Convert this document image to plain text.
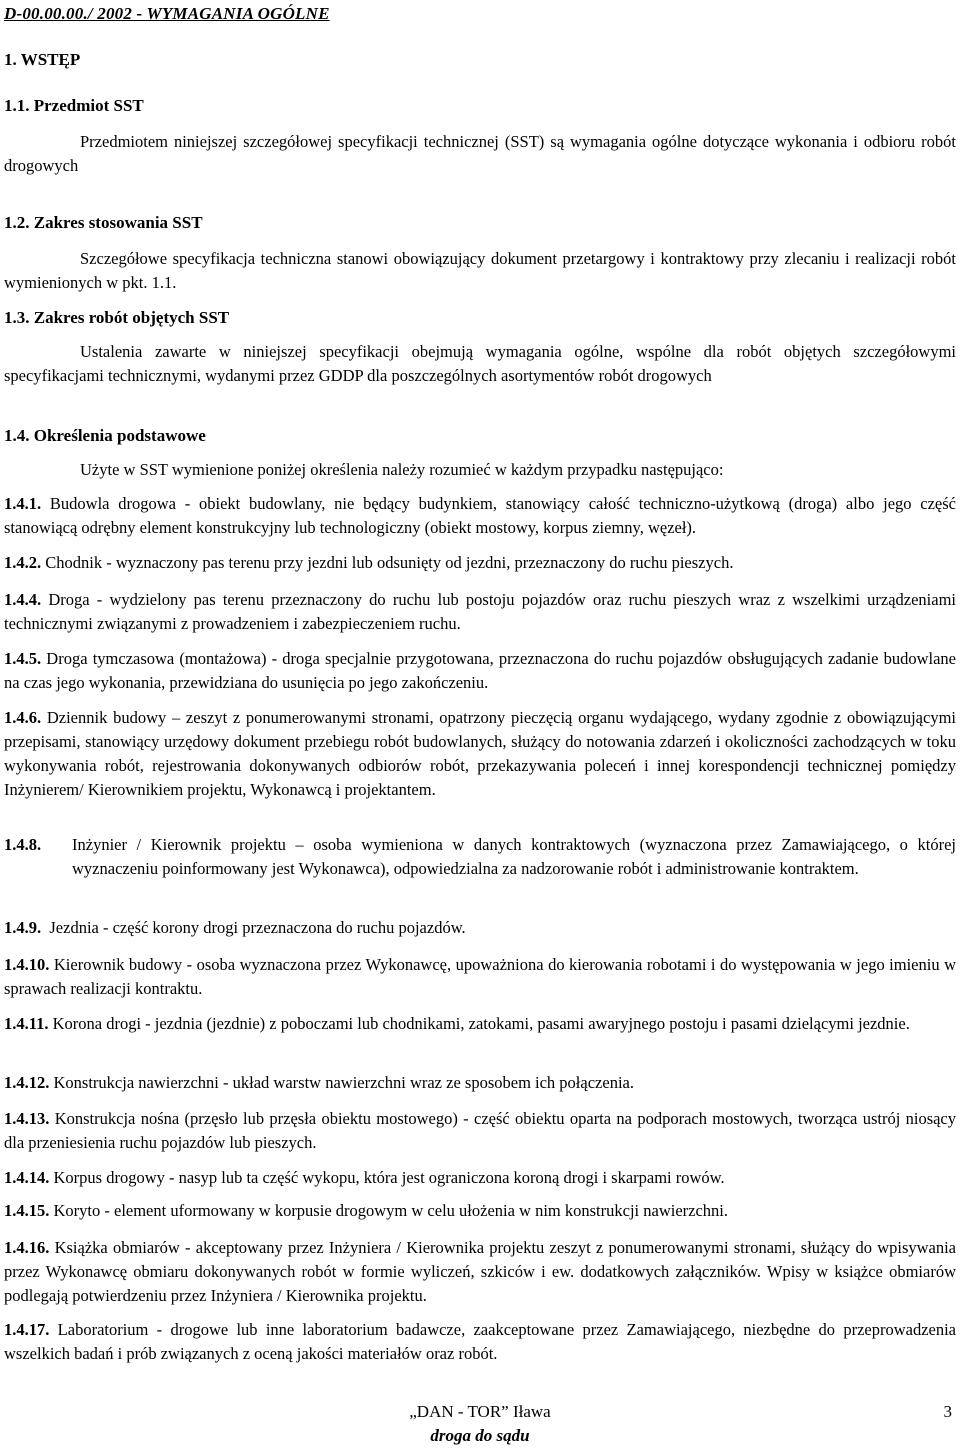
D-00.00.00./ 2002 - WYMAGANIA OGÓLNE
1. WSTĘP
1.1. Przedmiot SST
Przedmiotem niniejszej szczegółowej specyfikacji technicznej (SST) są wymagania ogólne dotyczące wykonania i odbioru robót drogowych
1.2. Zakres stosowania SST
Szczegółowe specyfikacja techniczna stanowi obowiązujący dokument przetargowy i kontraktowy przy zlecaniu i realizacji robót wymienionych w pkt. 1.1.
1.3. Zakres robót objętych SST
Ustalenia zawarte w niniejszej specyfikacji obejmują wymagania ogólne, wspólne dla robót objętych szczegółowymi specyfikacjami technicznymi, wydanymi przez GDDP dla poszczególnych asortymentów robót drogowych
1.4. Określenia podstawowe
Użyte w SST wymienione poniżej określenia należy rozumieć w każdym przypadku następująco:
1.4.1. Budowla drogowa - obiekt budowlany, nie będący budynkiem, stanowiący całość techniczno-użytkową (droga) albo jego część stanowiącą odrębny element konstrukcyjny lub technologiczny (obiekt mostowy, korpus ziemny, węzeł).
1.4.2. Chodnik - wyznaczony pas terenu przy jezdni lub odsunięty od jezdni, przeznaczony do ruchu pieszych.
1.4.4. Droga - wydzielony pas terenu przeznaczony do ruchu lub postoju pojazdów oraz ruchu pieszych wraz z wszelkimi urządzeniami technicznymi związanymi z prowadzeniem i zabezpieczeniem ruchu.
1.4.5. Droga tymczasowa (montażowa) - droga specjalnie przygotowana, przeznaczona do ruchu pojazdów obsługujących zadanie budowlane na czas jego wykonania, przewidziana do usunięcia po jego zakończeniu.
1.4.6. Dziennik budowy – zeszyt z ponumerowanymi stronami, opatrzony pieczęcią organu wydającego, wydany zgodnie z obowiązującymi przepisami, stanowiący urzędowy dokument przebiegu robót budowlanych, służący do notowania zdarzeń i okoliczności zachodzących w toku wykonywania robót, rejestrowania dokonywanych odbiorów robót, przekazywania poleceń i innej korespondencji technicznej pomiędzy Inżynierem/ Kierownikiem projektu, Wykonawcą i projektantem.
1.4.8. Inżynier / Kierownik projektu – osoba wymieniona w danych kontraktowych (wyznaczona przez Zamawiającego, o której wyznaczeniu poinformowany jest Wykonawca), odpowiedzialna za nadzorowanie robót i administrowanie kontraktem.
1.4.9. Jezdnia - część korony drogi przeznaczona do ruchu pojazdów.
1.4.10. Kierownik budowy - osoba wyznaczona przez Wykonawcę, upoważniona do kierowania robotami i do występowania w jego imieniu w sprawach realizacji kontraktu.
1.4.11. Korona drogi - jezdnia (jezdnie) z poboczami lub chodnikami, zatokami, pasami awaryjnego postoju i pasami dzielącymi jezdnie.
1.4.12. Konstrukcja nawierzchni - układ warstw nawierzchni wraz ze sposobem ich połączenia.
1.4.13. Konstrukcja nośna (przęsło lub przęsła obiektu mostowego) - część obiektu oparta na podporach mostowych, tworząca ustrój niosący dla przeniesienia ruchu pojazdów lub pieszych.
1.4.14. Korpus drogowy - nasyp lub ta część wykopu, która jest ograniczona koroną drogi i skarpami rowów.
1.4.15. Koryto - element uformowany w korpusie drogowym w celu ułożenia w nim konstrukcji nawierzchni.
1.4.16. Książka obmiarów - akceptowany przez Inżyniera / Kierownika projektu zeszyt z ponumerowanymi stronami, służący do wpisywania przez Wykonawcę obmiaru dokonywanych robót w formie wyliczeń, szkiców i ew. dodatkowych załączników. Wpisy w książce obmiarów podlegają potwierdzeniu przez Inżyniera / Kierownika projektu.
1.4.17. Laboratorium - drogowe lub inne laboratorium badawcze, zaakceptowane przez Zamawiającego, niezbędne do przeprowadzenia wszelkich badań i prób związanych z oceną jakości materiałów oraz robót.
„DAN - TOR” Iława
droga do sądu
3
